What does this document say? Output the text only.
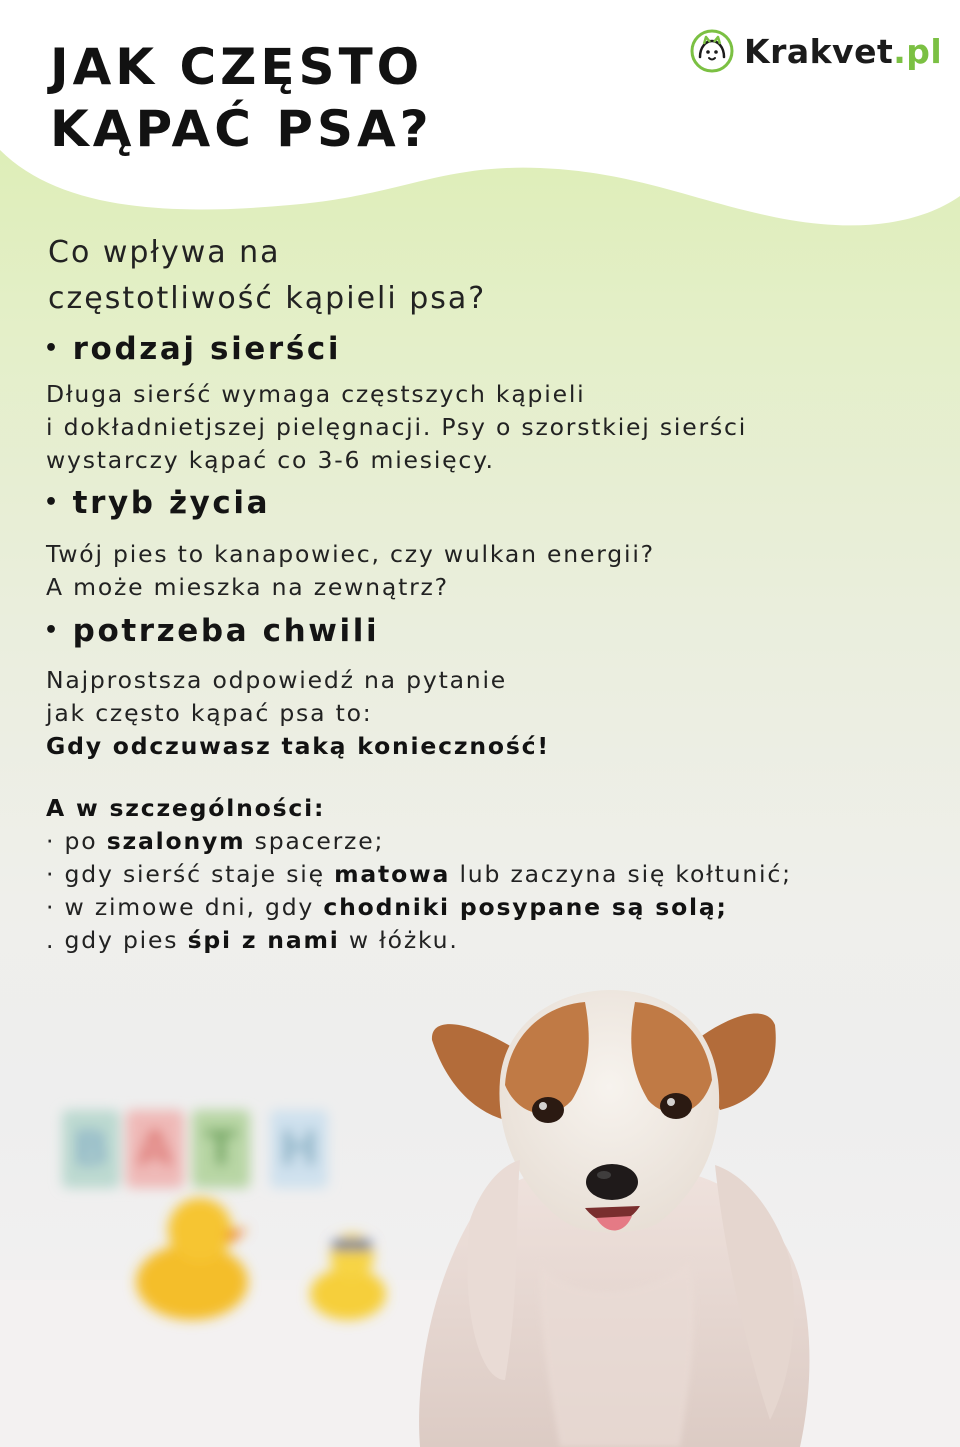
JAK CZĘSTO
KĄPAĆ PSA?
Krakvet.pl
Co wpływa na
częstotliwość kąpieli psa?
• rodzaj sierści
Długa sierść wymaga częstszych kąpieli
i dokładnietjszej pielęgnacji. Psy o szorstkiej sierści
wystarczy kąpać co 3-6 miesięcy.
• tryb życia
Twój pies to kanapowiec, czy wulkan energii?
A może mieszka na zewnątrz?
• potrzeba chwili
Najprostsza odpowiedź na pytanie
jak często kąpać psa to:
Gdy odczuwasz taką konieczność!
A w szczególności:
· po szalonym spacerze;
· gdy sierść staje się matowa lub zaczyna się kołtunić;
· w zimowe dni, gdy chodniki posypane są solą;
. gdy pies śpi z nami w łóżku.
B A T H
